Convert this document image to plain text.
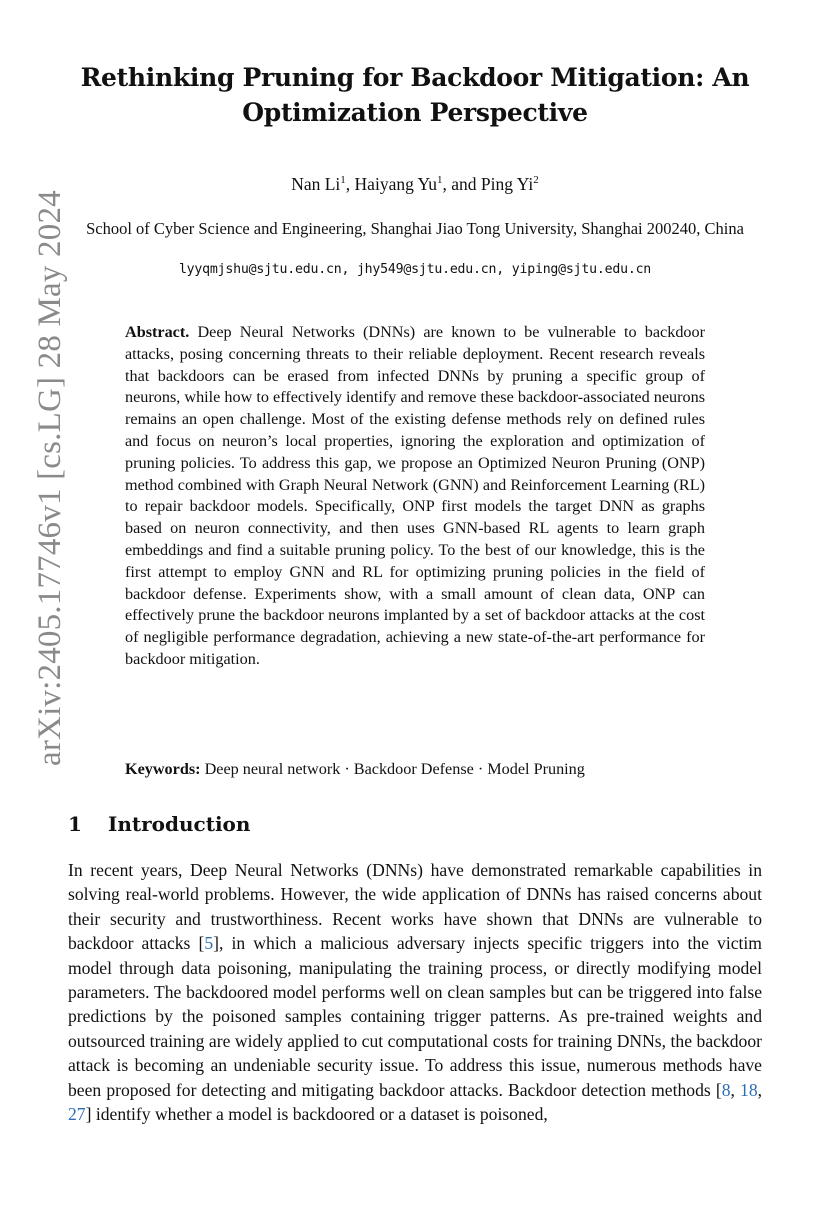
arXiv:2405.17746v1 [cs.LG] 28 May 2024
Rethinking Pruning for Backdoor Mitigation: An Optimization Perspective
Nan Li$^1$, Haiyang Yu$^1$, and Ping Yi$^2$
School of Cyber Science and Engineering, Shanghai Jiao Tong University, Shanghai 200240, China
lyyqmjshu@sjtu.edu.cn, jhy549@sjtu.edu.cn, yiping@sjtu.edu.cn
Abstract. Deep Neural Networks (DNNs) are known to be vulnerable to backdoor attacks, posing concerning threats to their reliable deployment. Recent research reveals that backdoors can be erased from infected DNNs by pruning a specific group of neurons, while how to effectively identify and remove these backdoor-associated neurons remains an open challenge. Most of the existing defense methods rely on defined rules and focus on neuron’s local properties, ignoring the exploration and optimization of pruning policies. To address this gap, we propose an Optimized Neuron Pruning (ONP) method combined with Graph Neural Network (GNN) and Reinforcement Learning (RL) to repair backdoor models. Specifically, ONP first models the target DNN as graphs based on neuron connectivity, and then uses GNN-based RL agents to learn graph embeddings and find a suitable pruning policy. To the best of our knowledge, this is the first attempt to employ GNN and RL for optimizing pruning policies in the field of backdoor defense. Experiments show, with a small amount of clean data, ONP can effectively prune the backdoor neurons implanted by a set of backdoor attacks at the cost of negligible performance degradation, achieving a new state-of-the-art performance for backdoor mitigation.
Keywords: Deep neural network · Backdoor Defense · Model Pruning
1 Introduction
In recent years, Deep Neural Networks (DNNs) have demonstrated remarkable capabilities in solving real-world problems. However, the wide application of DNNs has raised concerns about their security and trustworthiness. Recent works have shown that DNNs are vulnerable to backdoor attacks [5], in which a malicious adversary injects specific triggers into the victim model through data poisoning, manipulating the training process, or directly modifying model parameters. The backdoored model performs well on clean samples but can be triggered into false predictions by the poisoned samples containing trigger patterns. As pre-trained weights and outsourced training are widely applied to cut computational costs for training DNNs, the backdoor attack is becoming an undeniable security issue. To address this issue, numerous methods have been proposed for detecting and mitigating backdoor attacks. Backdoor detection methods [8, 18, 27] identify whether a model is backdoored or a dataset is poisoned,
